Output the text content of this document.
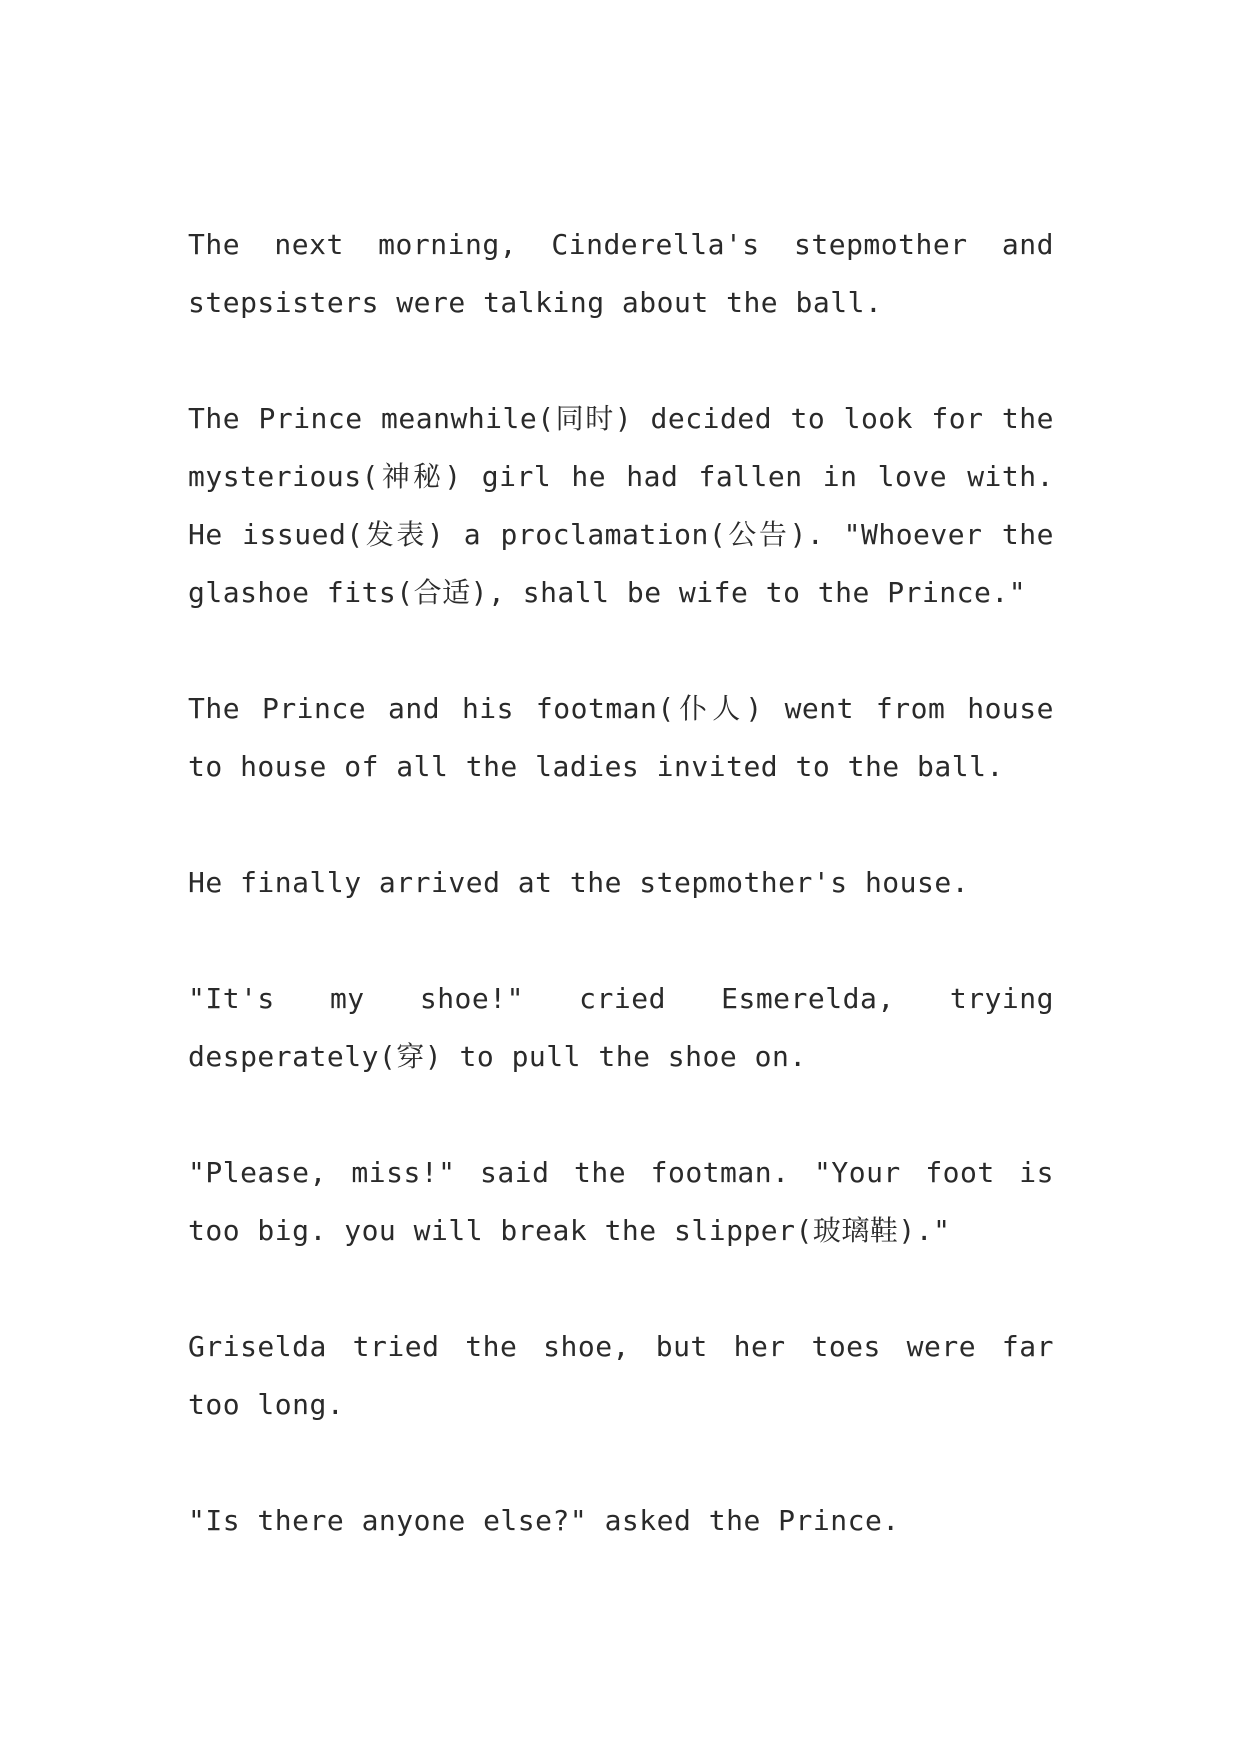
The next morning, Cinderella's stepmother and stepsisters were talking about the ball.

The Prince meanwhile(同时) decided to look for the mysterious(神秘) girl he had fallen in love with. He issued(发表) a proclamation(公告). "Whoever the glashoe fits(合适), shall be wife to the Prince."

The Prince and his footman(仆人) went from house to house of all the ladies invited to the ball.

He finally arrived at the stepmother's house.

"It's my shoe!" cried Esmerelda, trying desperately(穿) to pull the shoe on.

"Please, miss!" said the footman. "Your foot is too big. you will break the slipper(玻璃鞋)."

Griselda tried the shoe, but her toes were far too long.

"Is there anyone else?" asked the Prince.
